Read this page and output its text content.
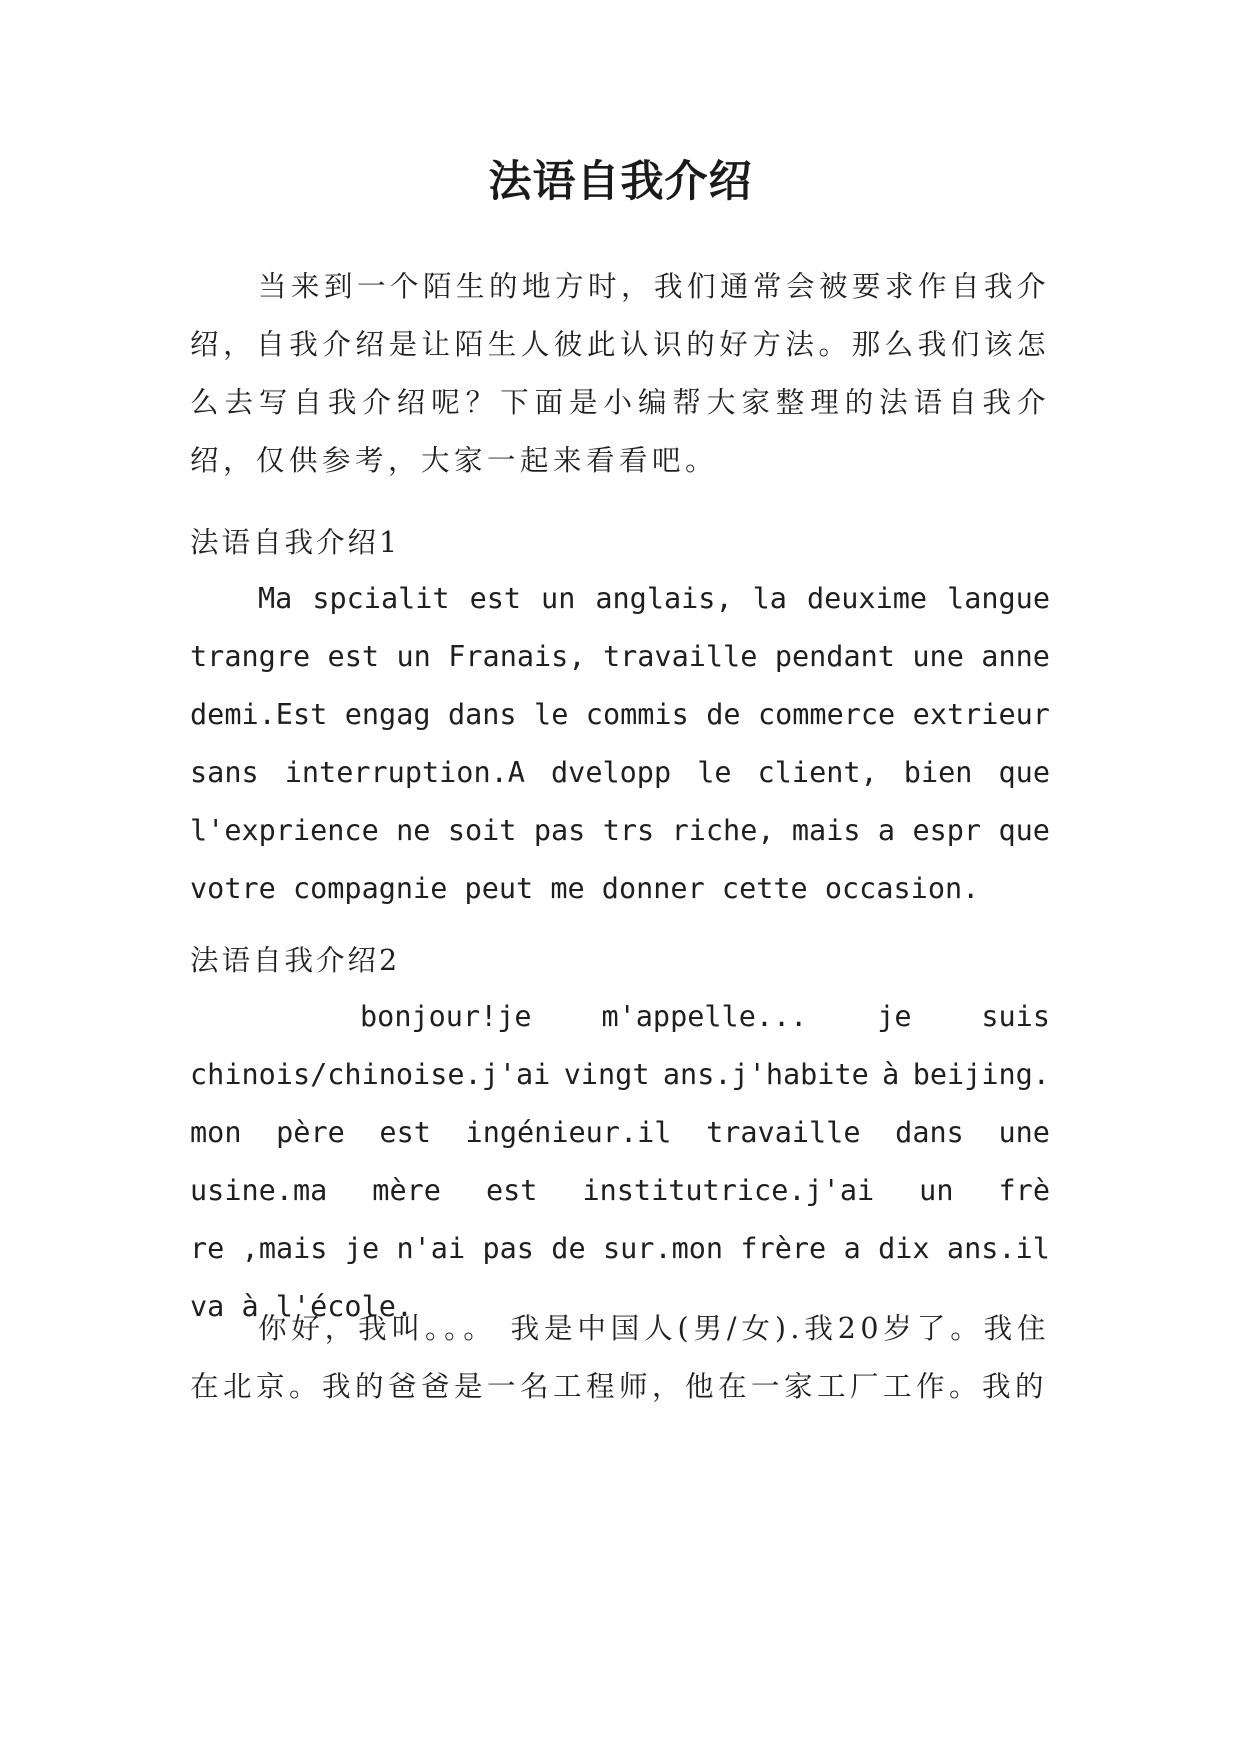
法语自我介绍
当来到一个陌生的地方时，我们通常会被要求作自我介绍，自我介绍是让陌生人彼此认识的好方法。那么我们该怎么去写自我介绍呢？下面是小编帮大家整理的法语自我介绍，仅供参考，大家一起来看看吧。
法语自我介绍1
Ma spcialit est un anglais, la deuxime langue
trangre est un Franais, travaille pendant une anne
demi.Est engag dans le commis de commerce extrieur
sans interruption.A dvelopp le client, bien que
l'exprience ne soit pas trs riche, mais a espr que
votre compagnie peut me donner cette occasion.
法语自我介绍2
bonjour!je m'appelle... je suis
chinois/chinoise.j'ai vingt ans.j'habite à beijing.
mon père est ingénieur.il travaille dans une
usine.ma mère est institutrice.j'ai un frè
re ,mais je n'ai pas de sur.mon frère a dix ans.il
va à l'école.
你好，我叫。。。 我是中国人(男/女).我20岁了。我住在北京。我的爸爸是一名工程师，他在一家工厂工作。我的
